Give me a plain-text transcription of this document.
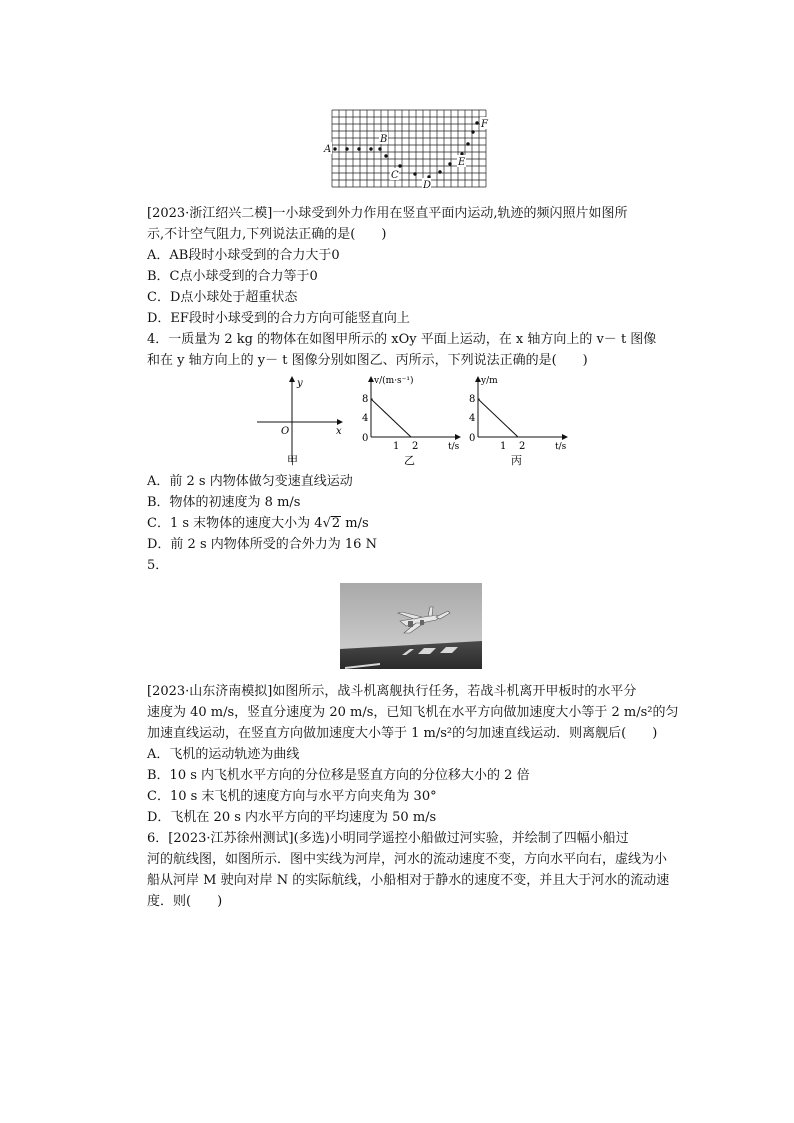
A
B
C
D
E
F

[2023·浙江绍兴二模]一小球受到外力作用在竖直平面内运动,轨迹的频闪照片如图所

示,不计空气阻力,下列说法正确的是(　　)

A．AB段时小球受到的合力大于0

B．C点小球受到的合力等于0

C．D点小球处于超重状态

D．EF段时小球受到的合力方向可能竖直向上

4．一质量为 2 kg 的物体在如图甲所示的 xOy 平面上运动，在 x 轴方向上的 v－ t 图像

和在 y 轴方向上的 y－ t 图像分别如图乙、丙所示，下列说法正确的是(　　)

y
x
O
甲
v/(m·s⁻¹)
t/s
8
4
0
1 2
乙
y/m
t/s
8
4
0
1 2
丙

A．前 2 s 内物体做匀变速直线运动

B．物体的初速度为 8 m/s

C．1 s 末物体的速度大小为 4√2 m/s

D．前 2 s 内物体所受的合外力为 16 N

5．

[2023·山东济南模拟]如图所示，战斗机离舰执行任务，若战斗机离开甲板时的水平分

速度为 40 m/s，竖直分速度为 20 m/s，已知飞机在水平方向做加速度大小等于 2 m/s²的匀

加速直线运动，在竖直方向做加速度大小等于 1 m/s²的匀加速直线运动．则离舰后(　　)

A．飞机的运动轨迹为曲线

B．10 s 内飞机水平方向的分位移是竖直方向的分位移大小的 2 倍

C．10 s 末飞机的速度方向与水平方向夹角为 30°

D．飞机在 20 s 内水平方向的平均速度为 50 m/s

6．[2023·江苏徐州测试](多选)小明同学遥控小船做过河实验，并绘制了四幅小船过

河的航线图，如图所示．图中实线为河岸，河水的流动速度不变，方向水平向右，虚线为小

船从河岸 M 驶向对岸 N 的实际航线，小船相对于静水的速度不变，并且大于河水的流动速

度．则(　　)
